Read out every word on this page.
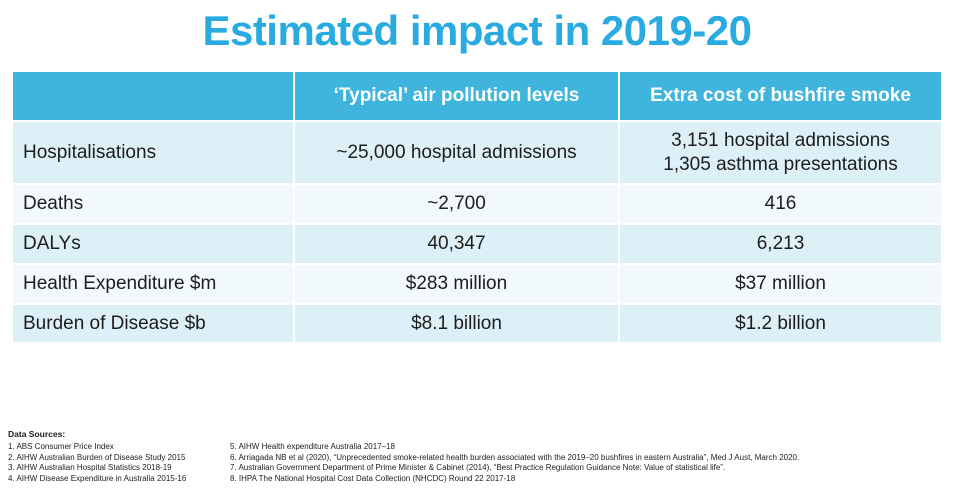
Estimated impact in 2019-20
	‘Typical’ air pollution levels	Extra cost of bushfire smoke
Hospitalisations	~25,000 hospital admissions	3,151 hospital admissions
1,305 asthma presentations
Deaths	~2,700	416
DALYs	40,347	6,213
Health Expenditure $m	$283 million	$37 million
Burden of Disease $b	$8.1 billion	$1.2 billion
Data Sources:
1. ABS Consumer Price Index
2. AIHW Australian Burden of Disease Study 2015
3. AIHW Australian Hospital Statistics 2018-19
4. AIHW Disease Expenditure in Australia 2015-16
5. AIHW Health expenditure Australia 2017–18
6. Arriagada NB et al (2020), “Unprecedented smoke-related health burden associated with the 2019–20 bushfires in eastern Australia”, Med J Aust, March 2020.
7. Australian Government Department of Prime Minister & Cabinet (2014), “Best Practice Regulation Guidance Note: Value of statistical life”.
8. IHPA The National Hospital Cost Data Collection (NHCDC) Round 22 2017-18
